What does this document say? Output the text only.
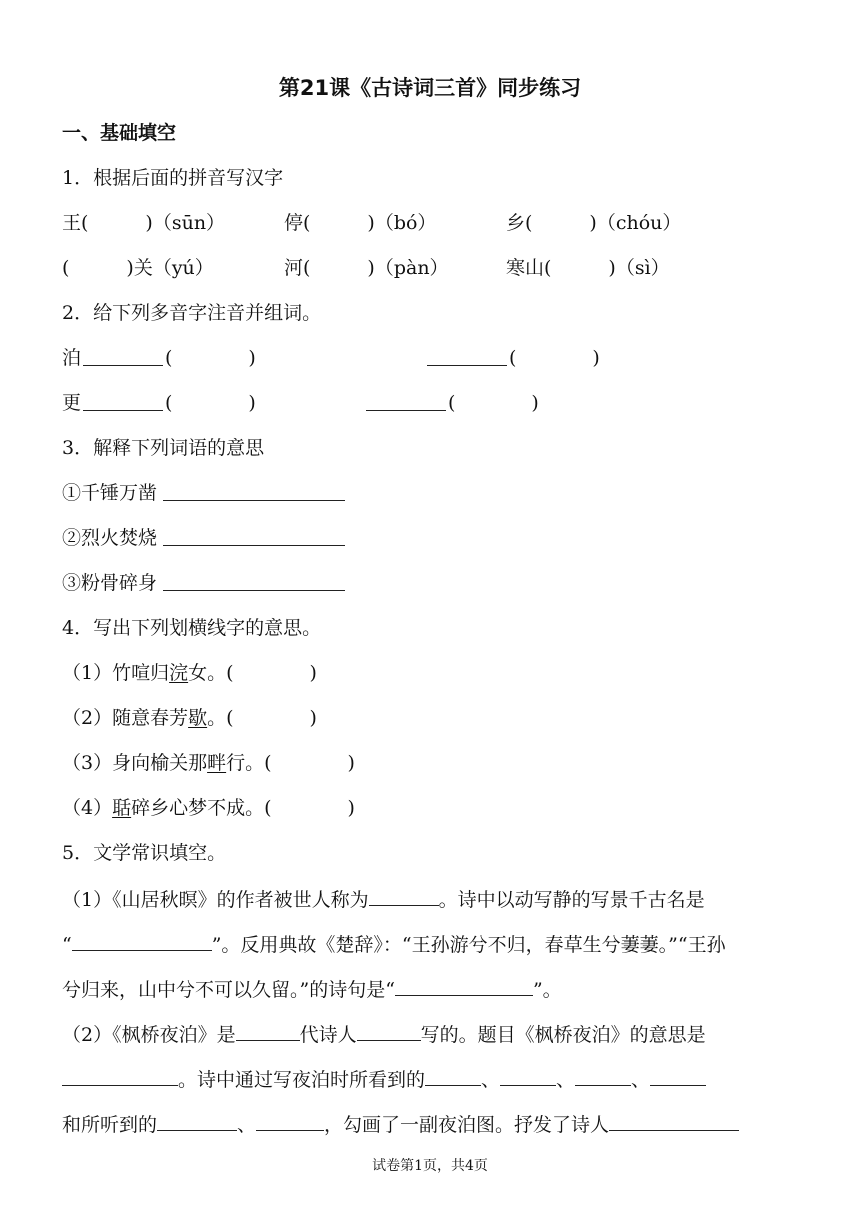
第21课《古诗词三首》同步练习
一、基础填空
1．根据后面的拼音写汉字
王(　　　)（sūn）	停(　　　)（bó）	乡(　　　)（chóu）
(　　　)关（yú）	河(　　　)（pàn）	寒山(　　　)（sì）
2．给下列多音字注音并组词。
泊	(　　　　)	(　　　　)
更	(　　　　)	(　　　　)
3．解释下列词语的意思
①千锤万凿
②烈火焚烧
③粉骨碎身
4．写出下列划横线字的意思。
（1）竹喧归浣女。(　　　　)
（2）随意春芳歇。(　　　　)
（3）身向榆关那畔行。(　　　　)
（4）聒碎乡心梦不成。(　　　　)
5．文学常识填空。
（1）《山居秋暝》的作者被世人称为	。诗中以动写静的写景千古名是
“	”。反用典故《楚辞》：“王孙游兮不归，春草生兮萋萋。”“王孙
兮归来，山中兮不可以久留。”的诗句是“	”。
（2）《枫桥夜泊》是	代诗人	写的。题目《枫桥夜泊》的意思是
。诗中通过写夜泊时所看到的	、	、	、
和所听到的	、	，勾画了一副夜泊图。抒发了诗人
试卷第1页，共4页
